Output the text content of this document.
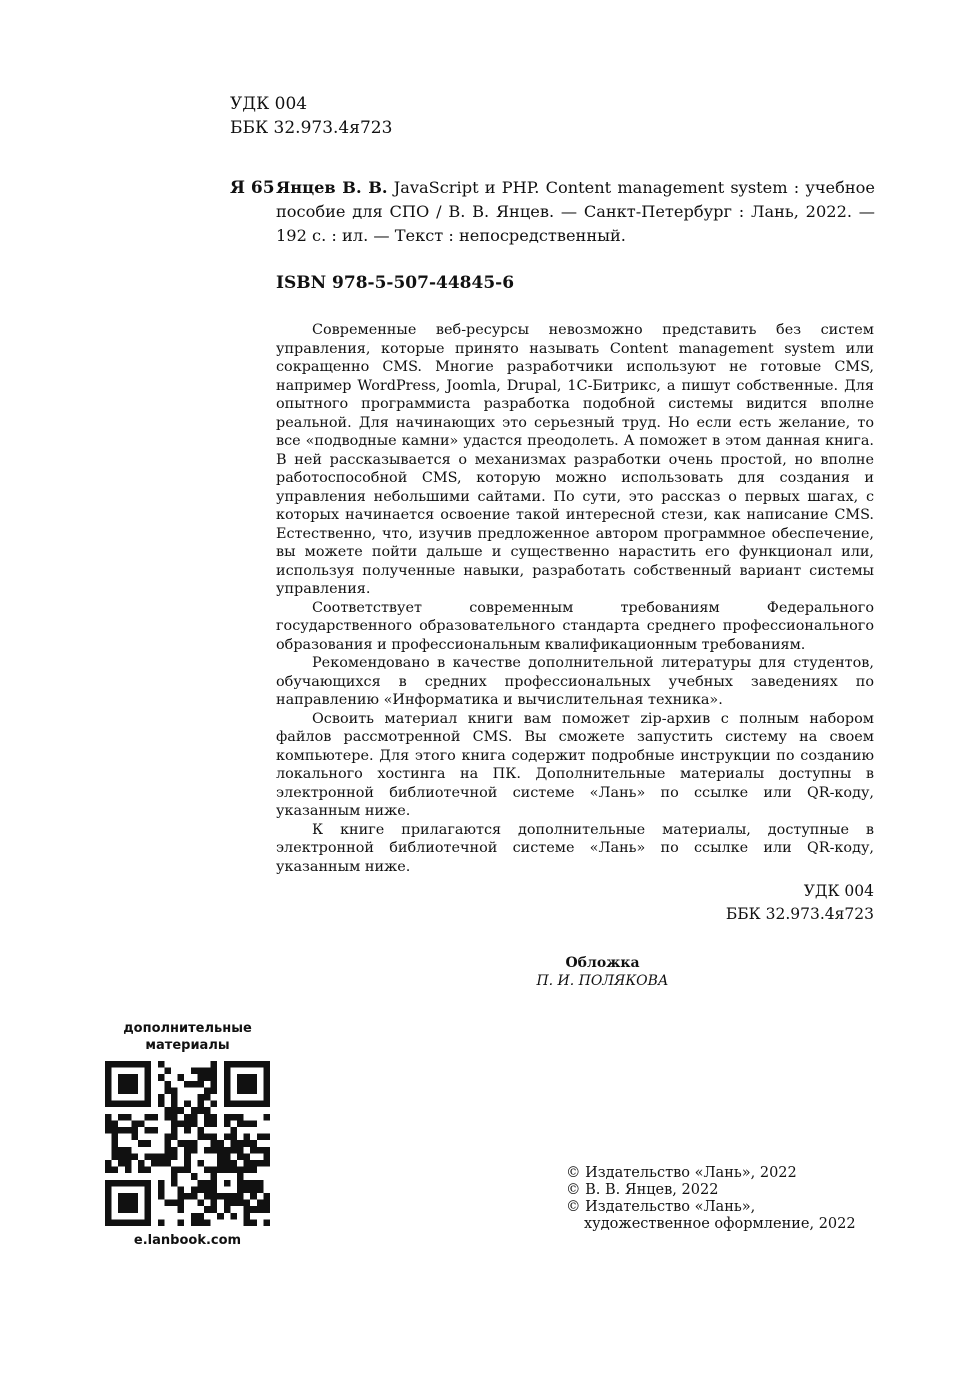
УДК 004
ББК 32.973.4я723
Я 65 Янцев В. В. JavaScript и PHP. Content management system : учебное пособие для СПО / В. В. Янцев. — Санкт-Петербург : Лань, 2022. — 192 с. : ил. — Текст : непосредственный.
ISBN 978-5-507-44845-6

Современные веб-ресурсы невозможно представить без систем управления, которые принято называть Content management system или сокращенно CMS. Многие разработчики используют не готовые CMS, например WordPress, Joomla, Drupal, 1С-Битрикс, а пишут собственные. Для опытного программиста разработка подобной системы видится вполне реальной. Для начинающих это серьезный труд. Но если есть желание, то все «подводные камни» удастся преодолеть. А поможет в этом данная книга. В ней рассказывается о механизмах разработки очень простой, но вполне работоспособной CMS, которую можно использовать для создания и управления небольшими сайтами. По сути, это рассказ о первых шагах, с которых начинается освоение такой интересной стези, как написание CMS. Естественно, что, изучив предложенное автором программное обеспечение, вы можете пойти дальше и существенно нарастить его функционал или, используя полученные навыки, разработать собственный вариант системы управления.

Соответствует современным требованиям Федерального государственного образовательного стандарта среднего профессионального образования и профессиональным квалификационным требованиям.

Рекомендовано в качестве дополнительной литературы для студентов, обучающихся в средних профессиональных учебных заведениях по направлению «Информатика и вычислительная техника».

Освоить материал книги вам поможет zip-архив с полным набором файлов рассмотренной CMS. Вы сможете запустить систему на своем компьютере. Для этого книга содержит подробные инструкции по созданию локального хостинга на ПК. Дополнительные материалы доступны в электронной библиотечной системе «Лань» по ссылке или QR-коду, указанным ниже.

К книге прилагаются дополнительные материалы, доступные в электронной библиотечной системе «Лань» по ссылке или QR-коду, указанным ниже.

УДК 004
ББК 32.973.4я723
Обложка
П. И. ПОЛЯКОВА
дополнительные
материалы
e.lanbook.com
© Издательство «Лань», 2022
© В. В. Янцев, 2022
© Издательство «Лань»,
художественное оформление, 2022
